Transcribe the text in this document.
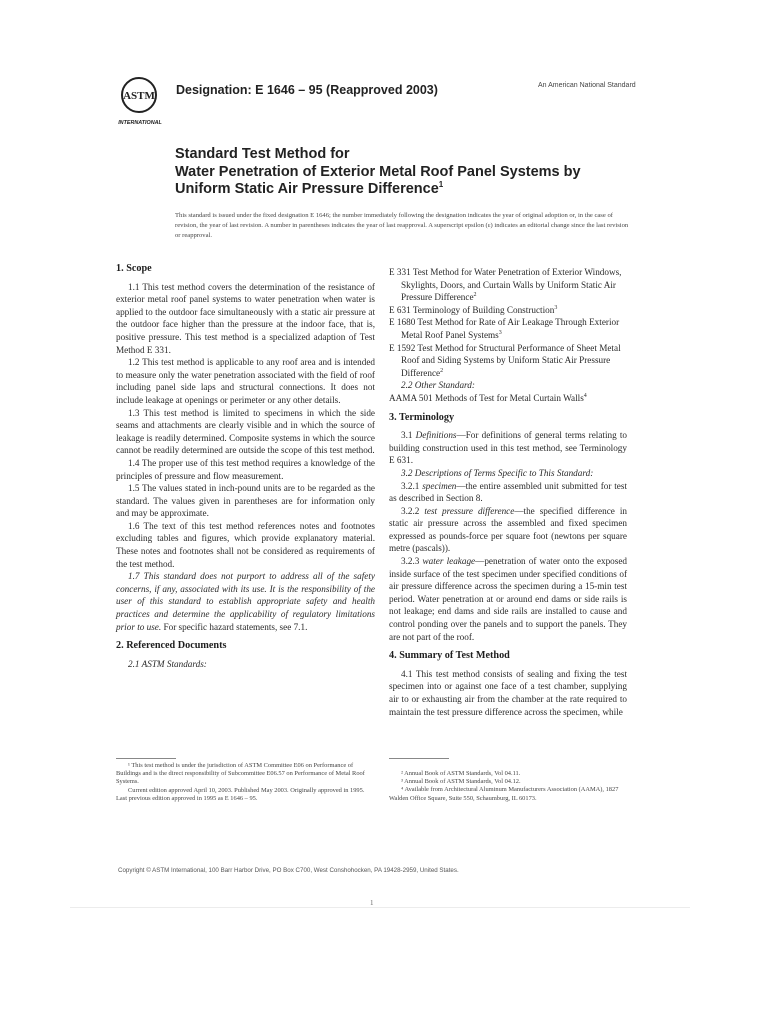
ASTM
INTERNATIONAL
Designation: E 1646 – 95 (Reapproved 2003)	An American National Standard
Standard Test Method for
Water Penetration of Exterior Metal Roof Panel Systems by
Uniform Static Air Pressure Difference$^1$
This standard is issued under the fixed designation E 1646; the number immediately following the designation indicates the year of original adoption or, in the case of revision, the year of last revision. A number in parentheses indicates the year of last reapproval. A superscript epsilon (ε) indicates an editorial change since the last revision or reapproval.
1. Scope

1.1 This test method covers the determination of the resistance of exterior metal roof panel systems to water penetration when water is applied to the outdoor face simultaneously with a static air pressure at the outdoor face higher than the pressure at the indoor face, that is, positive pressure. This test method is a specialized adaption of Test Method E 331.

1.2 This test method is applicable to any roof area and is intended to measure only the water penetration associated with the field of roof including panel side laps and structural connections. It does not include leakage at openings or perimeter or any other details.

1.3 This test method is limited to specimens in which the side seams and attachments are clearly visible and in which the source of leakage is readily determined. Composite systems in which the source cannot be readily determined are outside the scope of this test method.

1.4 The proper use of this test method requires a knowledge of the principles of pressure and flow measurement.

1.5 The values stated in inch-pound units are to be regarded as the standard. The values given in parentheses are for information only and may be approximate.

1.6 The text of this test method references notes and footnotes excluding tables and figures, which provide explanatory material. These notes and footnotes shall not be considered as requirements of the test method.

1.7 This standard does not purport to address all of the safety concerns, if any, associated with its use. It is the responsibility of the user of this standard to establish appropriate safety and health practices and determine the applicability of regulatory limitations prior to use. For specific hazard statements, see 7.1.

2. Referenced Documents

2.1 ASTM Standards:

E 331 Test Method for Water Penetration of Exterior Windows, Skylights, Doors, and Curtain Walls by Uniform Static Air Pressure Difference$^2$

E 631 Terminology of Building Construction$^3$

E 1680 Test Method for Rate of Air Leakage Through Exterior Metal Roof Panel Systems$^3$

E 1592 Test Method for Structural Performance of Sheet Metal Roof and Siding Systems by Uniform Static Air Pressure Difference$^2$

2.2 Other Standard:

AAMA 501 Methods of Test for Metal Curtain Walls$^4$

3. Terminology

3.1 Definitions—For definitions of general terms relating to building construction used in this test method, see Terminology E 631.

3.2 Descriptions of Terms Specific to This Standard:

3.2.1 specimen—the entire assembled unit submitted for test as described in Section 8.

3.2.2 test pressure difference—the specified difference in static air pressure across the assembled and fixed specimen expressed as pounds-force per square foot (newtons per square metre (pascals)).

3.2.3 water leakage—penetration of water onto the exposed inside surface of the test specimen under specified conditions of air pressure difference across the specimen during a 15-min test period. Water penetration at or around end dams or side rails is not leakage; end dams and side rails are installed to cause and control ponding over the panels and to support the panels. They are not part of the roof.

4. Summary of Test Method

4.1 This test method consists of sealing and fixing the test specimen into or against one face of a test chamber, supplying air to or exhausting air from the chamber at the rate required to maintain the test pressure difference across the specimen, while

¹ This test method is under the jurisdiction of ASTM Committee E06 on Performance of Buildings and is the direct responsibility of Subcommittee E06.57 on Performance of Metal Roof Systems.

Current edition approved April 10, 2003. Published May 2003. Originally approved in 1995. Last previous edition approved in 1995 as E 1646 – 95.

² Annual Book of ASTM Standards, Vol 04.11.

³ Annual Book of ASTM Standards, Vol 04.12.

⁴ Available from Architectural Aluminum Manufacturers Association (AAMA), 1827 Walden Office Square, Suite 550, Schaumburg, IL 60173.

Copyright © ASTM International, 100 Barr Harbor Drive, PO Box C700, West Conshohocken, PA 19428-2959, United States.
1
